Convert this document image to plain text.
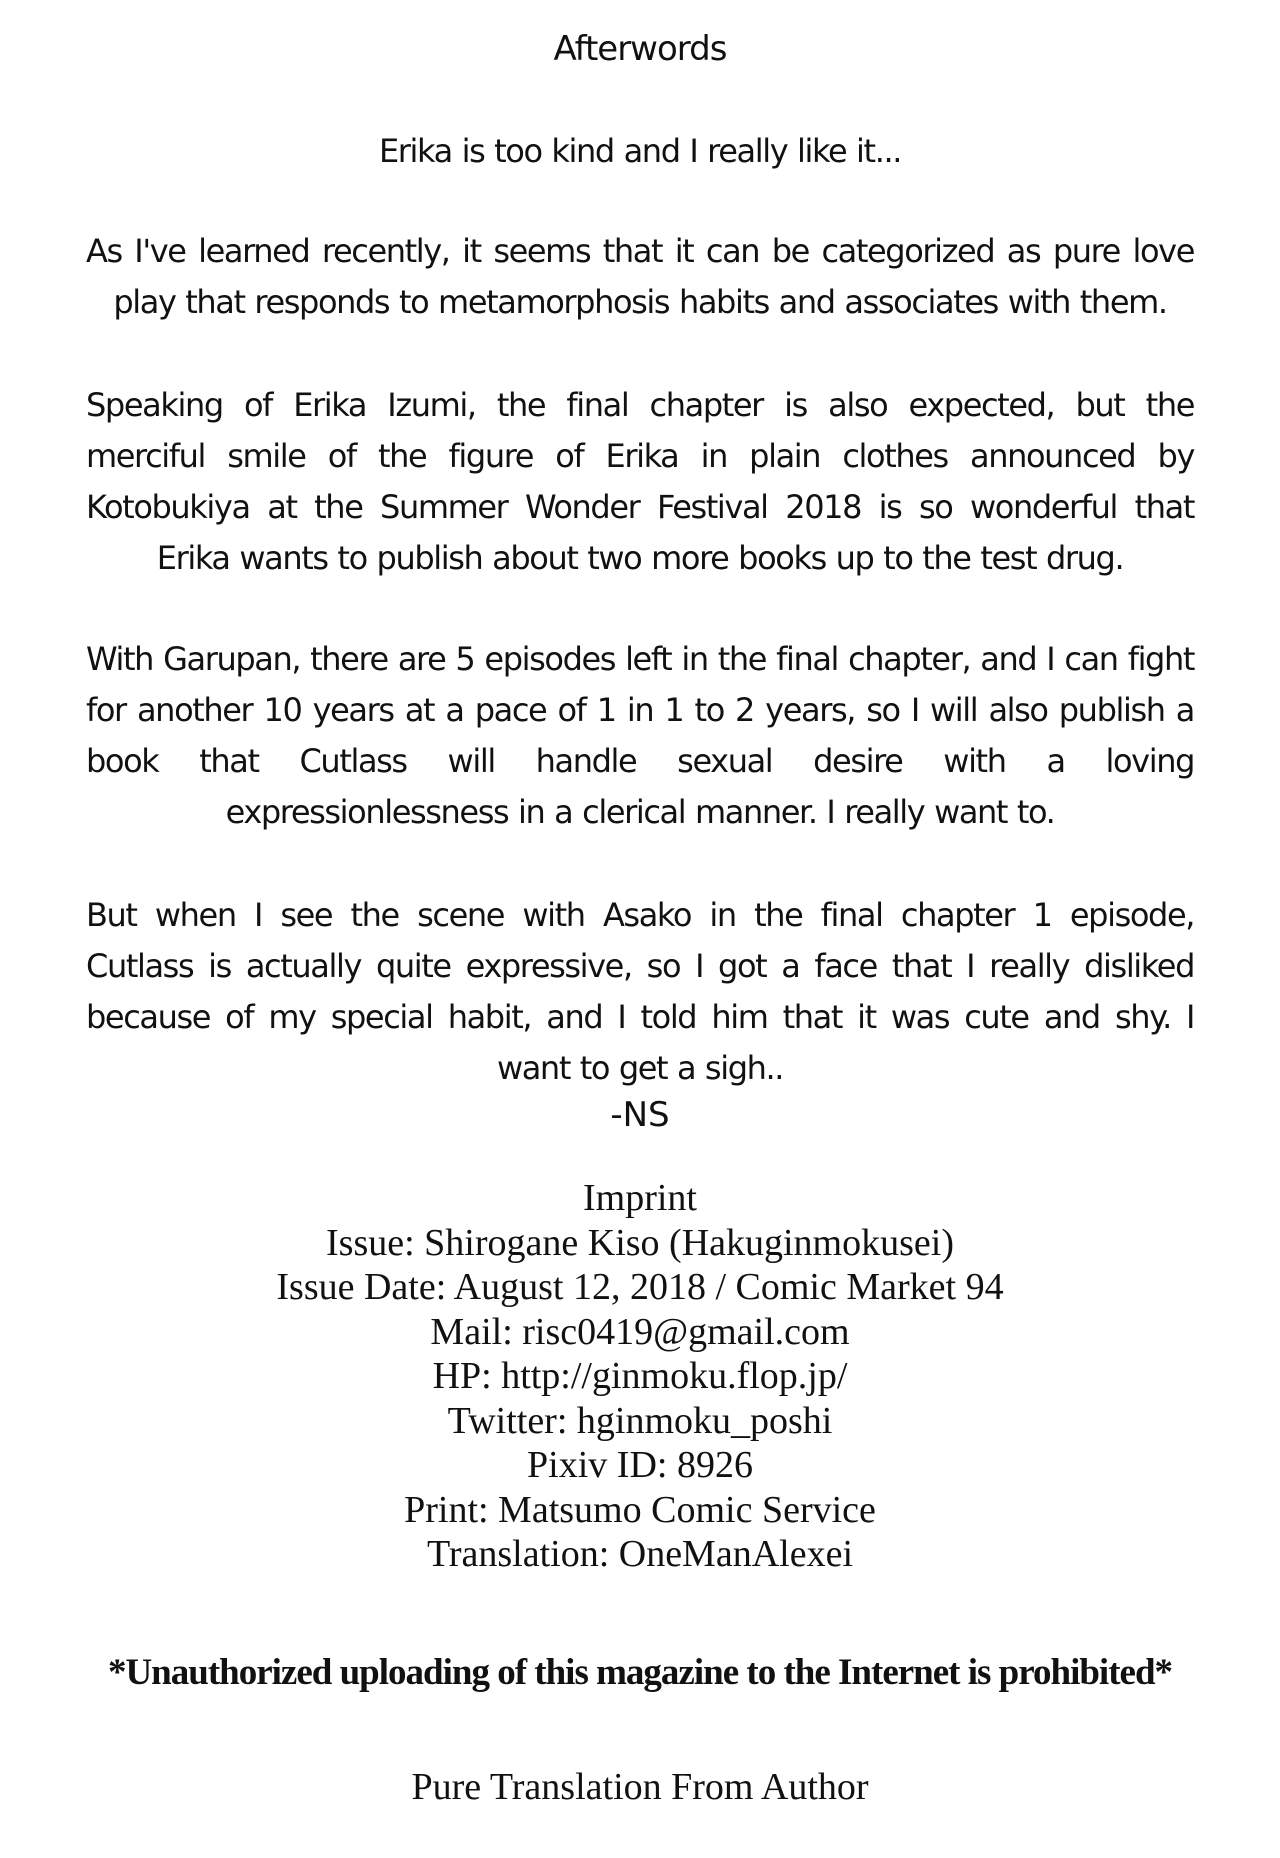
Afterwords
Erika is too kind and I really like it...
As I've learned recently, it seems that it can be categorized as pure love play that responds to metamorphosis habits and associates with them.
Speaking of Erika Izumi, the final chapter is also expected, but the merciful smile of the figure of Erika in plain clothes announced by Kotobukiya at the Summer Wonder Festival 2018 is so wonderful that Erika wants to publish about two more books up to the test drug.
With Garupan, there are 5 episodes left in the final chapter, and I can fight for another 10 years at a pace of 1 in 1 to 2 years, so I will also publish a book that Cutlass will handle sexual desire with a loving expressionlessness in a clerical manner. I really want to.
But when I see the scene with Asako in the final chapter 1 episode, Cutlass is actually quite expressive, so I got a face that I really disliked because of my special habit, and I told him that it was cute and shy. I want to get a sigh..
-NS
Imprint
Issue: Shirogane Kiso (Hakuginmokusei)
Issue Date: August 12, 2018 / Comic Market 94
Mail: risc0419@gmail.com
HP: http://ginmoku.flop.jp/
Twitter: hginmoku_poshi
Pixiv ID: 8926
Print: Matsumo Comic Service
Translation: OneManAlexei
*Unauthorized uploading of this magazine to the Internet is prohibited*
Pure Translation From Author
